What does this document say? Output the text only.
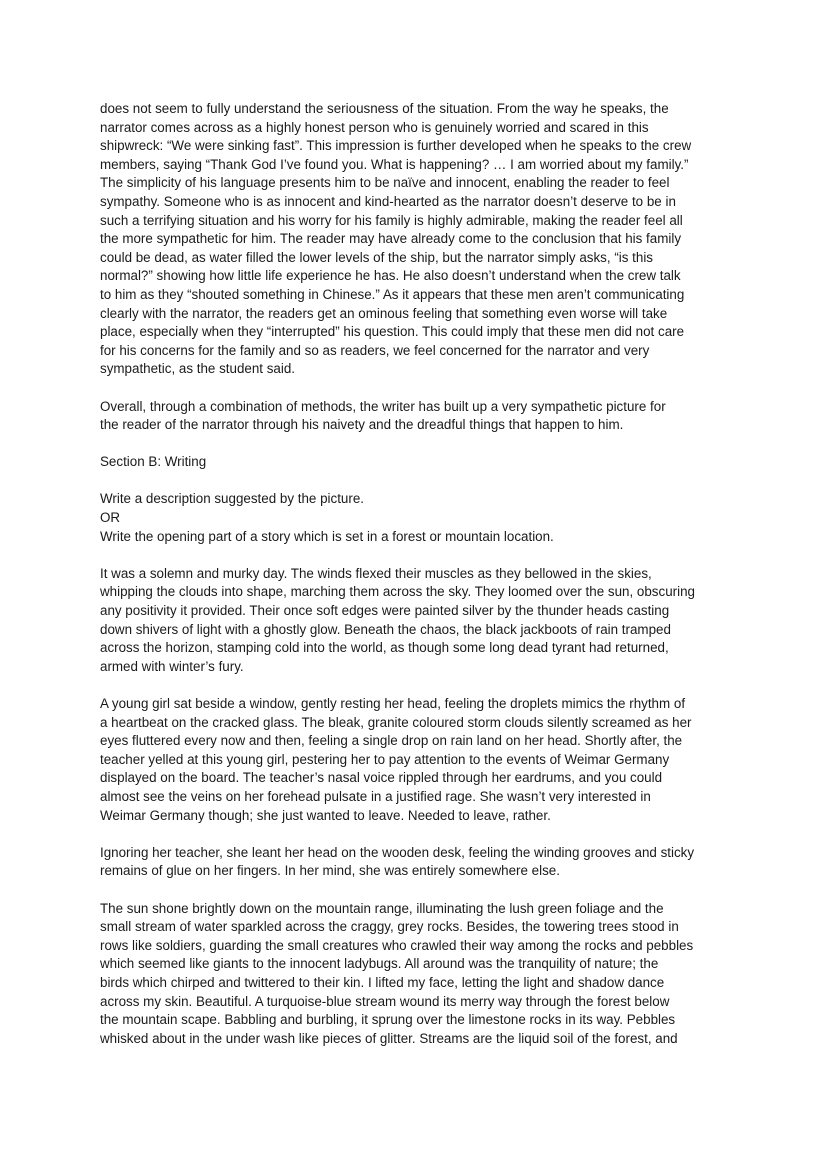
does not seem to fully understand the seriousness of the situation. From the way he speaks, the
narrator comes across as a highly honest person who is genuinely worried and scared in this
shipwreck: “We were sinking fast”. This impression is further developed when he speaks to the crew
members, saying “Thank God I’ve found you. What is happening? … I am worried about my family.”
The simplicity of his language presents him to be naïve and innocent, enabling the reader to feel
sympathy. Someone who is as innocent and kind-hearted as the narrator doesn’t deserve to be in
such a terrifying situation and his worry for his family is highly admirable, making the reader feel all
the more sympathetic for him. The reader may have already come to the conclusion that his family
could be dead, as water filled the lower levels of the ship, but the narrator simply asks, “is this
normal?” showing how little life experience he has. He also doesn’t understand when the crew talk
to him as they “shouted something in Chinese.” As it appears that these men aren’t communicating
clearly with the narrator, the readers get an ominous feeling that something even worse will take
place, especially when they “interrupted” his question. This could imply that these men did not care
for his concerns for the family and so as readers, we feel concerned for the narrator and very
sympathetic, as the student said.
Overall, through a combination of methods, the writer has built up a very sympathetic picture for
the reader of the narrator through his naivety and the dreadful things that happen to him.
Section B: Writing
Write a description suggested by the picture.
OR
Write the opening part of a story which is set in a forest or mountain location.
It was a solemn and murky day. The winds flexed their muscles as they bellowed in the skies,
whipping the clouds into shape, marching them across the sky. They loomed over the sun, obscuring
any positivity it provided. Their once soft edges were painted silver by the thunder heads casting
down shivers of light with a ghostly glow. Beneath the chaos, the black jackboots of rain tramped
across the horizon, stamping cold into the world, as though some long dead tyrant had returned,
armed with winter’s fury.
A young girl sat beside a window, gently resting her head, feeling the droplets mimics the rhythm of
a heartbeat on the cracked glass. The bleak, granite coloured storm clouds silently screamed as her
eyes fluttered every now and then, feeling a single drop on rain land on her head. Shortly after, the
teacher yelled at this young girl, pestering her to pay attention to the events of Weimar Germany
displayed on the board. The teacher’s nasal voice rippled through her eardrums, and you could
almost see the veins on her forehead pulsate in a justified rage. She wasn’t very interested in
Weimar Germany though; she just wanted to leave. Needed to leave, rather.
Ignoring her teacher, she leant her head on the wooden desk, feeling the winding grooves and sticky
remains of glue on her fingers. In her mind, she was entirely somewhere else.
The sun shone brightly down on the mountain range, illuminating the lush green foliage and the
small stream of water sparkled across the craggy, grey rocks. Besides, the towering trees stood in
rows like soldiers, guarding the small creatures who crawled their way among the rocks and pebbles
which seemed like giants to the innocent ladybugs. All around was the tranquility of nature; the
birds which chirped and twittered to their kin. I lifted my face, letting the light and shadow dance
across my skin. Beautiful. A turquoise-blue stream wound its merry way through the forest below
the mountain scape. Babbling and burbling, it sprung over the limestone rocks in its way. Pebbles
whisked about in the under wash like pieces of glitter. Streams are the liquid soil of the forest, and
